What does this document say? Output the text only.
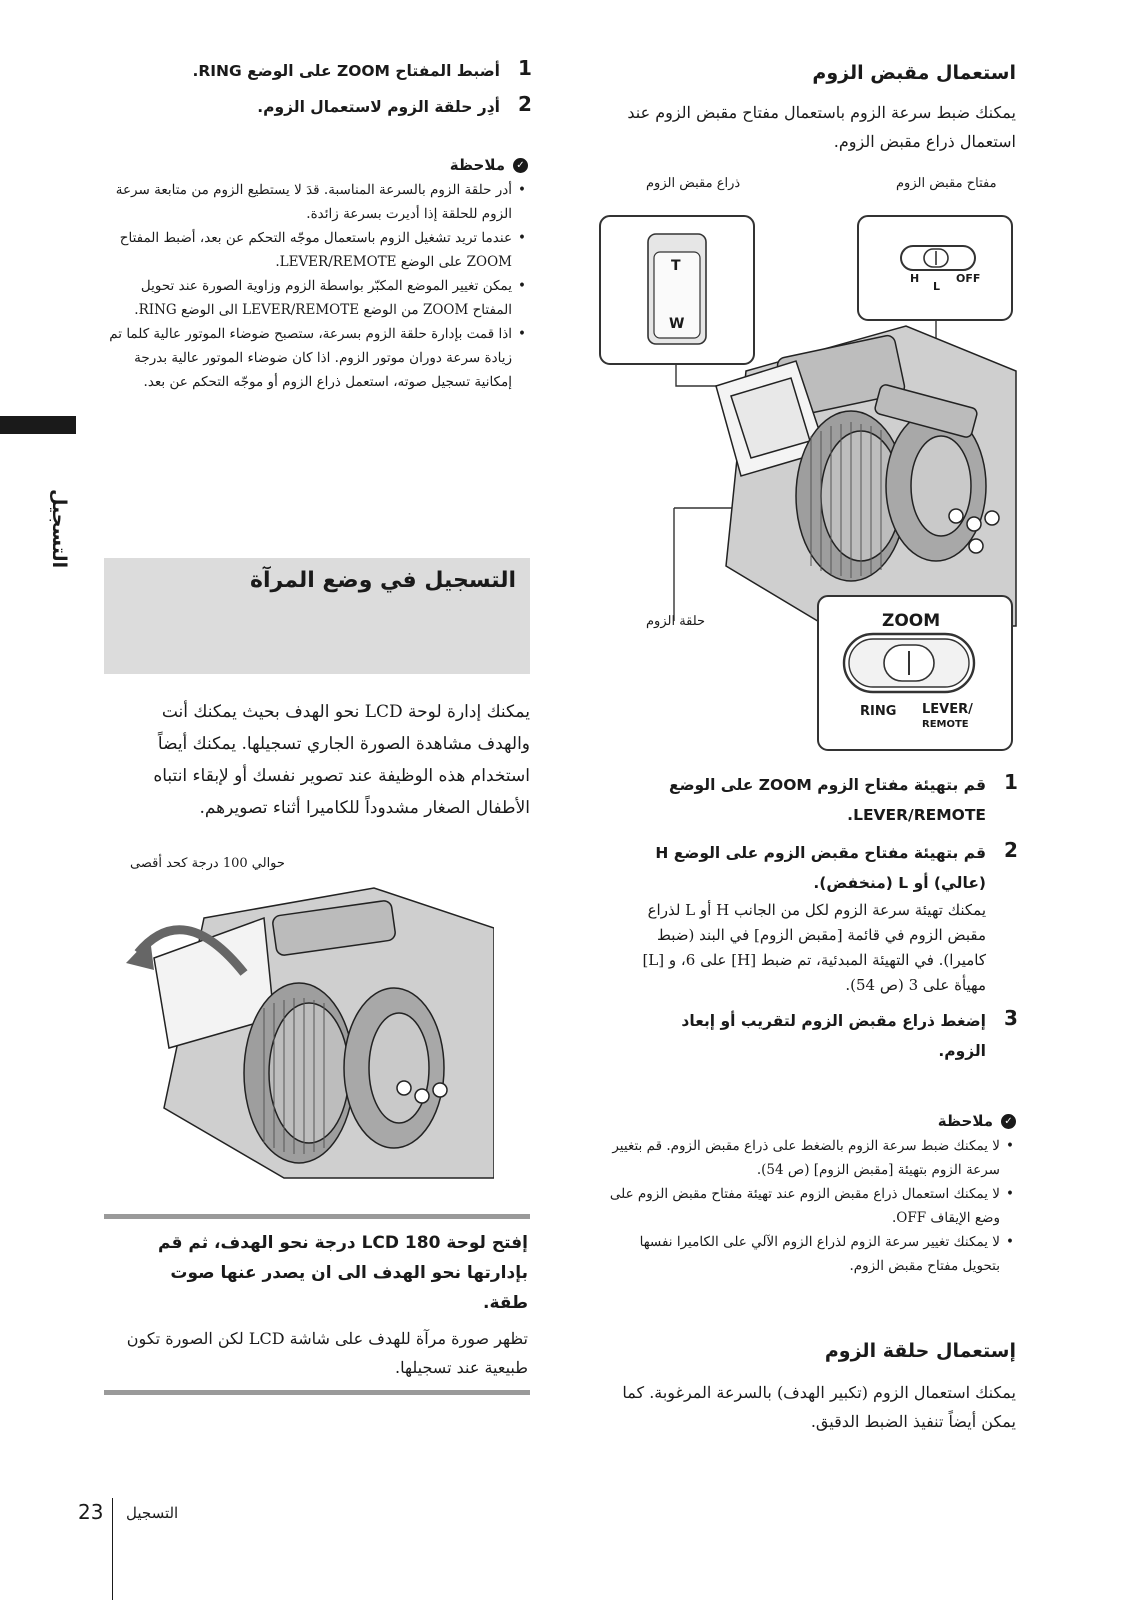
التسجيل
استعمال مقبض الزوم
يمكنك ضبط سرعة الزوم باستعمال مفتاح مقبض الزوم عند استعمال ذراع مقبض الزوم.
مفتاح مقبض الزوم
ذراع مقبض الزوم
حلقة الزوم
T
W
H
L
OFF
ZOOM
RING LEVER/
REMOTE
1
قم بتهيئة مفتاح الزوم ZOOM على الوضع LEVER/REMOTE.
2
قم بتهيئة مفتاح مقبض الزوم على الوضع H (عالي) أو L (منخفض).
يمكنك تهيئة سرعة الزوم لكل من الجانب H أو L لذراع مقبض الزوم في قائمة [مقبض الزوم] في البند (ضبط كاميرا). في التهيئة المبدئية، تم ضبط [H] على 6، و [L] مهيأة على 3 (ص 54).
3
إضغط ذراع مقبض الزوم لتقريب أو إبعاد الزوم.
✓
ملاحظة
• لا يمكنك ضبط سرعة الزوم بالضغط على ذراع مقبض الزوم. قم بتغيير سرعة الزوم بتهيئة [مقبض الزوم] (ص 54).
• لا يمكنك استعمال ذراع مقبض الزوم عند تهيئة مفتاح مقبض الزوم على وضع الإيقاف OFF.
• لا يمكنك تغيير سرعة الزوم لذراع الزوم الآلي على الكاميرا نفسها بتحويل مفتاح مقبض الزوم.
إستعمال حلقة الزوم
يمكنك استعمال الزوم (تكبير الهدف) بالسرعة المرغوبة. كما يمكن أيضاً تنفيذ الضبط الدقيق.
1
أضبط المفتاح ZOOM على الوضع RING.
2
أدِر حلقة الزوم لاستعمال الزوم.
✓
ملاحظة
• أدر حلقة الزوم بالسرعة المناسبة. قدَ لا يستطيع الزوم من متابعة سرعة الزوم للحلقة إذا أديرت بسرعة زائدة.
• عندما تريد تشغيل الزوم باستعمال موجّه التحكم عن بعد، أضبط المفتاح ZOOM على الوضع LEVER/REMOTE.
• يمكن تغيير الموضع المكبّر بواسطة الزوم وزاوية الصورة عند تحويل المفتاح ZOOM من الوضع LEVER/REMOTE الى الوضع RING.
• اذا قمت بإدارة حلقة الزوم بسرعة، ستصبح ضوضاء الموتور عالية كلما تم زيادة سرعة دوران موتور الزوم. اذا كان ضوضاء الموتور عالية بدرجة إمكانية تسجيل صوته، استعمل ذراع الزوم أو موجّه التحكم عن بعد.
التسجيل في وضع المرآة
يمكنك إدارة لوحة LCD نحو الهدف بحيث يمكنك أنت والهدف مشاهدة الصورة الجاري تسجيلها. يمكنك أيضاً استخدام هذه الوظيفة عند تصوير نفسك أو لإبقاء انتباه الأطفال الصغار مشدوداً للكاميرا أثناء تصويرهم.
حوالي 100 درجة كحد أقصى
إفتح لوحة LCD 180 درجة نحو الهدف، ثم قم بإدارتها نحو الهدف الى ان يصدر عنها صوت طقة.
تظهر صورة مرآة للهدف على شاشة LCD لكن الصورة تكون طبيعية عند تسجيلها.
23 التسجيل
